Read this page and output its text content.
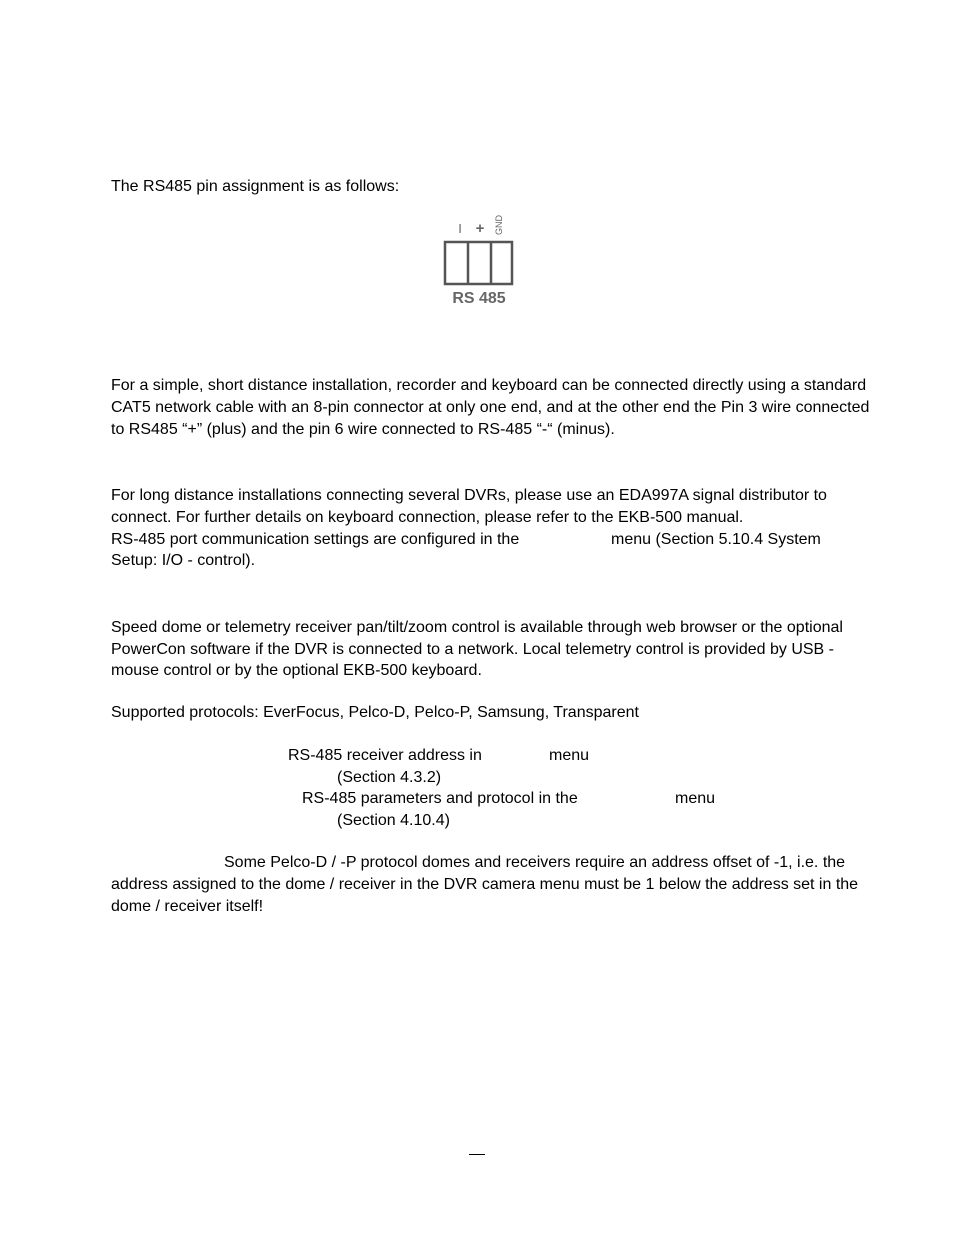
The RS485 pin assignment is as follows:
I + GND
RS 485
For a simple, short distance installation, recorder and keyboard can be connected directly using a standard
CAT5 network cable with an 8-pin connector at only one end, and at the other end the Pin 3 wire connected
to RS485 “+” (plus) and the pin 6 wire connected to RS-485 “-“ (minus).
For long distance installations connecting several DVRs, please use an EDA997A signal distributor to
connect. For further details on keyboard connection, please refer to the EKB-500 manual.
RS-485 port communication settings are configured in the	menu (Section 5.10.4 System
Setup: I/O - control).
Speed dome or telemetry receiver pan/tilt/zoom control is available through web browser or the optional
PowerCon software if the DVR is connected to a network. Local telemetry control is provided by USB -
mouse control or by the optional EKB-500 keyboard.
Supported protocols: EverFocus, Pelco-D, Pelco-P, Samsung, Transparent
RS-485 receiver address in	menu
(Section 4.3.2)
RS-485 parameters and protocol in the	menu
(Section 4.10.4)
Some Pelco-D / -P protocol domes and receivers require an address offset of -1, i.e. the
address assigned to the dome / receiver in the DVR camera menu must be 1 below the address set in the
dome / receiver itself!
